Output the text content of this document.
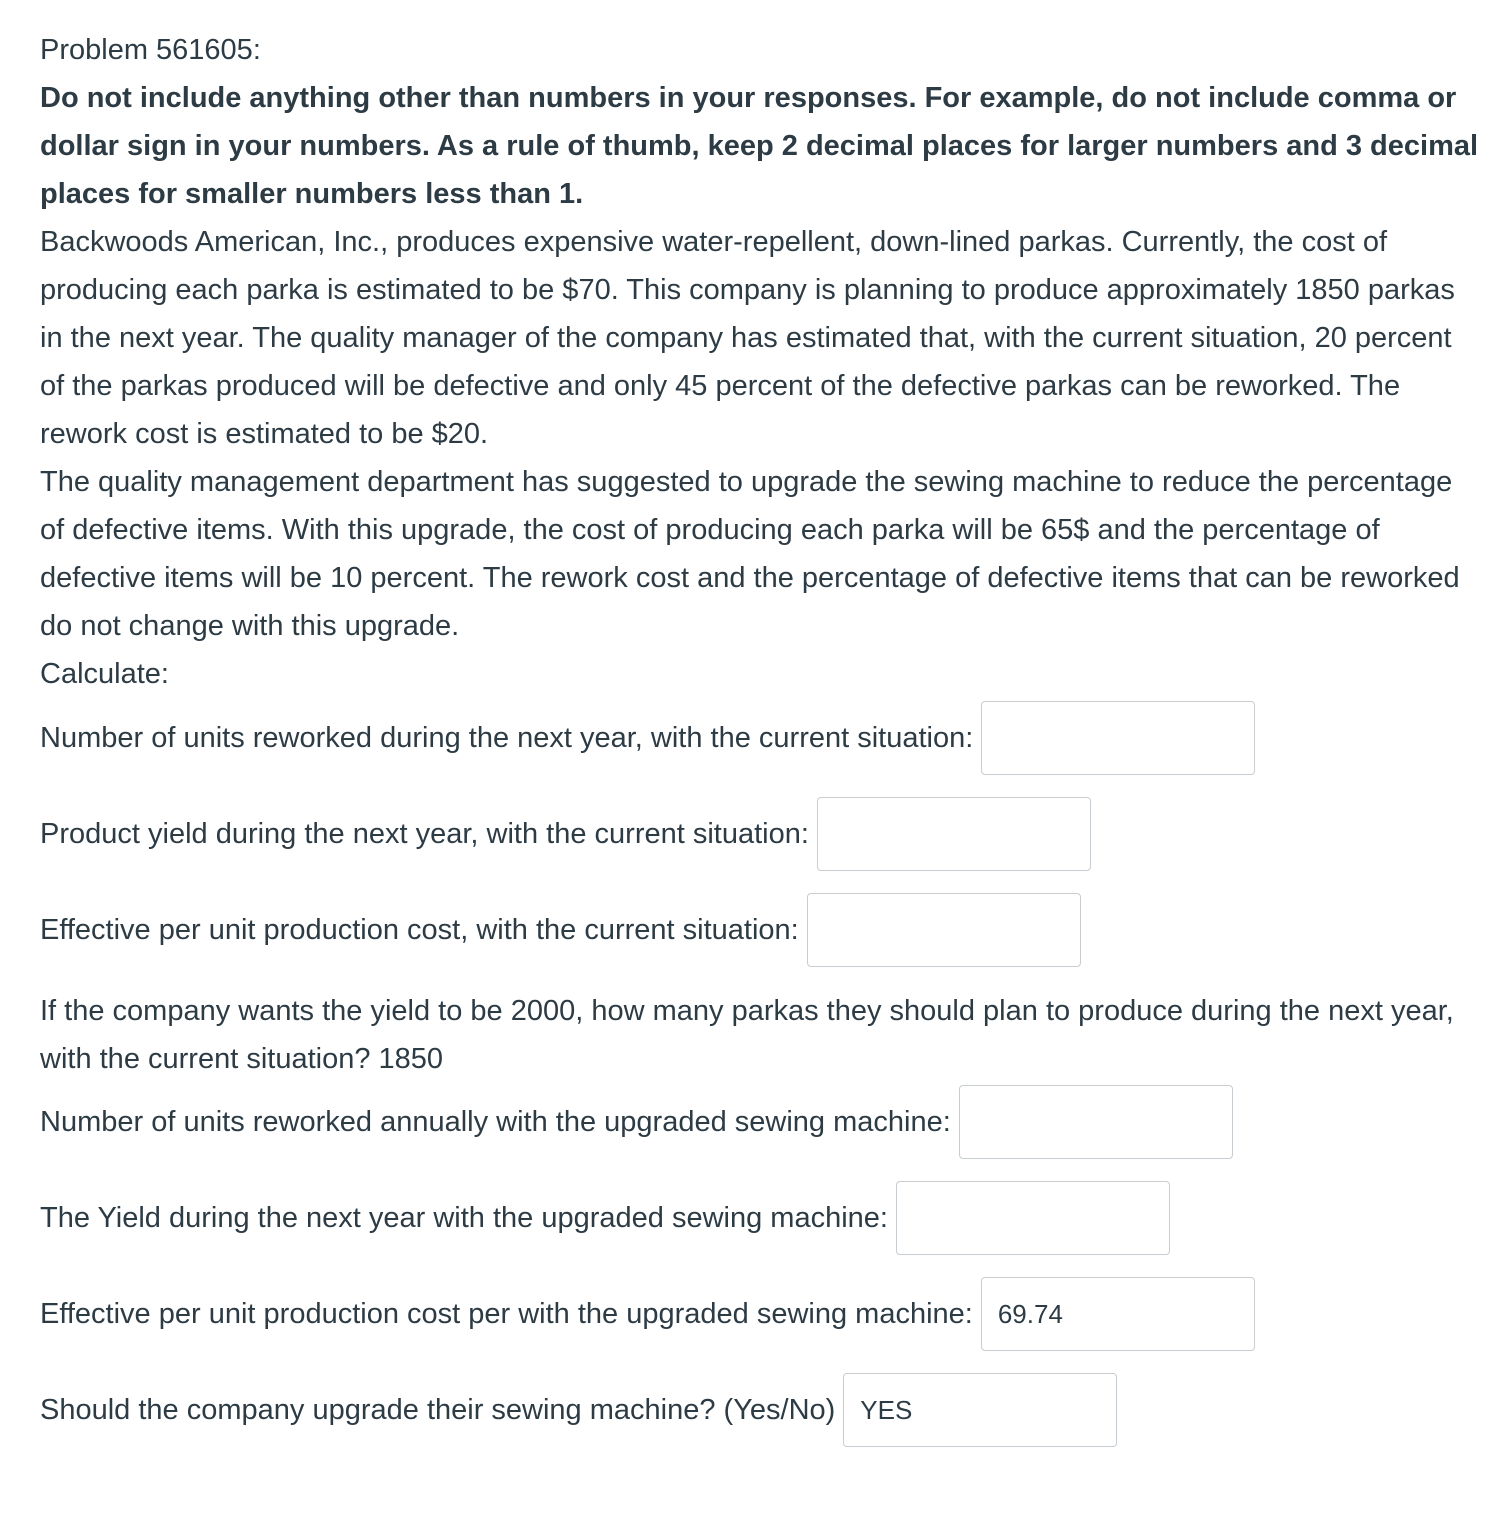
Problem 561605:

Do not include anything other than numbers in your responses. For example, do not include comma or dollar sign in your numbers. As a rule of thumb, keep 2 decimal places for larger numbers and 3 decimal places for smaller numbers less than 1.

Backwoods American, Inc., produces expensive water-repellent, down-lined parkas. Currently, the cost of producing each parka is estimated to be $70. This company is planning to produce approximately 1850 parkas in the next year. The quality manager of the company has estimated that, with the current situation, 20 percent of the parkas produced will be defective and only 45 percent of the defective parkas can be reworked. The rework cost is estimated to be $20.

The quality management department has suggested to upgrade the sewing machine to reduce the percentage of defective items. With this upgrade, the cost of producing each parka will be 65$ and the percentage of defective items will be 10 percent. The rework cost and the percentage of defective items that can be reworked do not change with this upgrade.

Calculate:

Number of units reworked during the next year, with the current situation:
Product yield during the next year, with the current situation:
Effective per unit production cost, with the current situation:

If the company wants the yield to be 2000, how many parkas they should plan to produce during the next year, with the current situation? 1850

Number of units reworked annually with the upgraded sewing machine:
The Yield during the next year with the upgraded sewing machine:
Effective per unit production cost per with the upgraded sewing machine:
69.74
Should the company upgrade their sewing machine? (Yes/No)
YES
